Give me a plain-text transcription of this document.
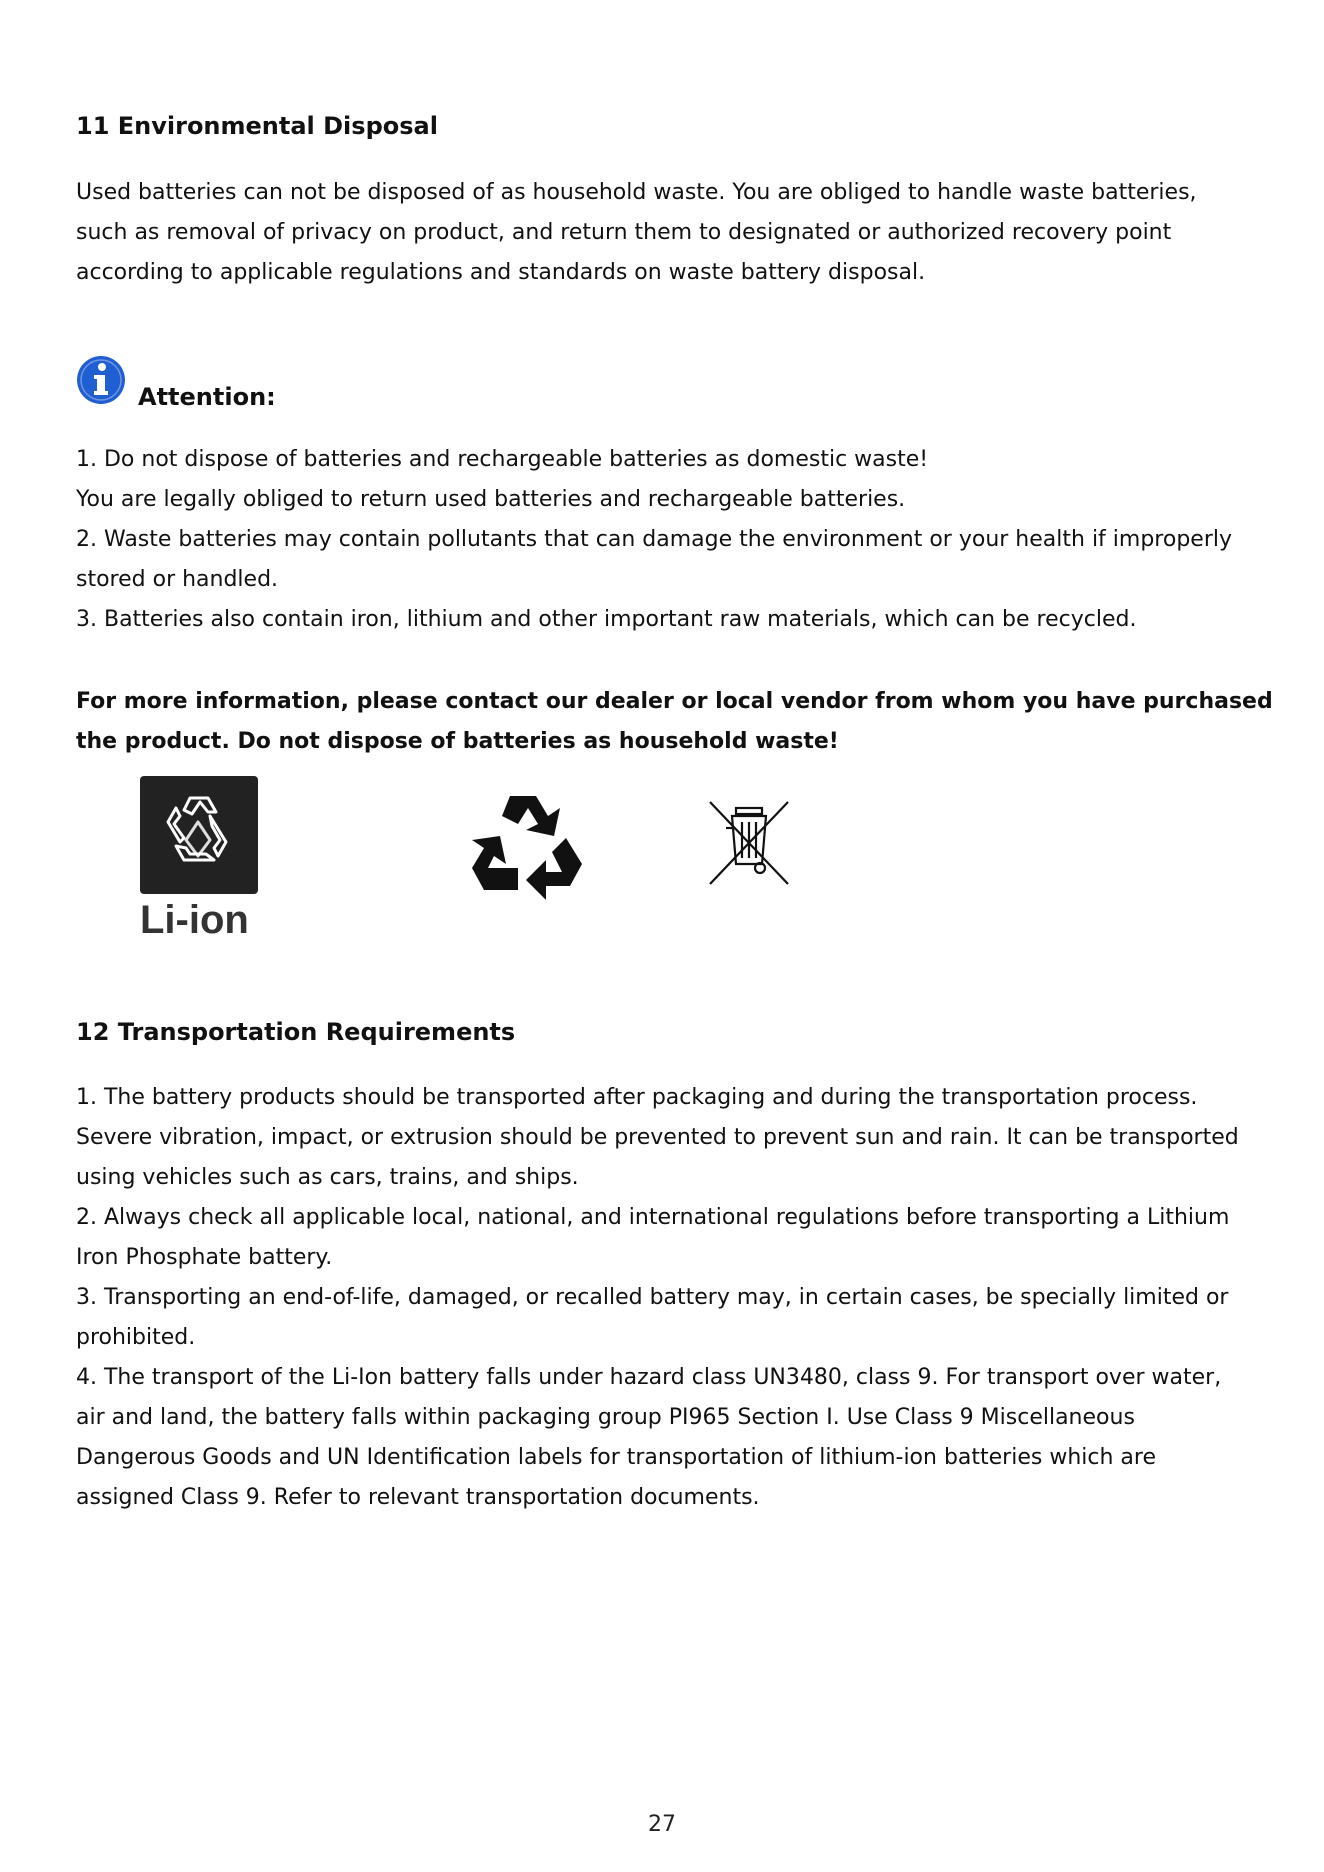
11 Environmental Disposal
Used batteries can not be disposed of as household waste. You are obliged to handle waste batteries,
such as removal of privacy on product, and return them to designated or authorized recovery point
according to applicable regulations and standards on waste battery disposal.
Attention:
1. Do not dispose of batteries and rechargeable batteries as domestic waste!
You are legally obliged to return used batteries and rechargeable batteries.
2. Waste batteries may contain pollutants that can damage the environment or your health if improperly
stored or handled.
3. Batteries also contain iron, lithium and other important raw materials, which can be recycled.
For more information, please contact our dealer or local vendor from whom you have purchased
the product. Do not dispose of batteries as household waste!
Li-ion
12 Transportation Requirements
1. The battery products should be transported after packaging and during the transportation process.
Severe vibration, impact, or extrusion should be prevented to prevent sun and rain. It can be transported
using vehicles such as cars, trains, and ships.
2. Always check all applicable local, national, and international regulations before transporting a Lithium
Iron Phosphate battery.
3. Transporting an end-of-life, damaged, or recalled battery may, in certain cases, be specially limited or
prohibited.
4. The transport of the Li-Ion battery falls under hazard class UN3480, class 9. For transport over water,
air and land, the battery falls within packaging group PI965 Section I. Use Class 9 Miscellaneous
Dangerous Goods and UN Identification labels for transportation of lithium-ion batteries which are
assigned Class 9. Refer to relevant transportation documents.
27
